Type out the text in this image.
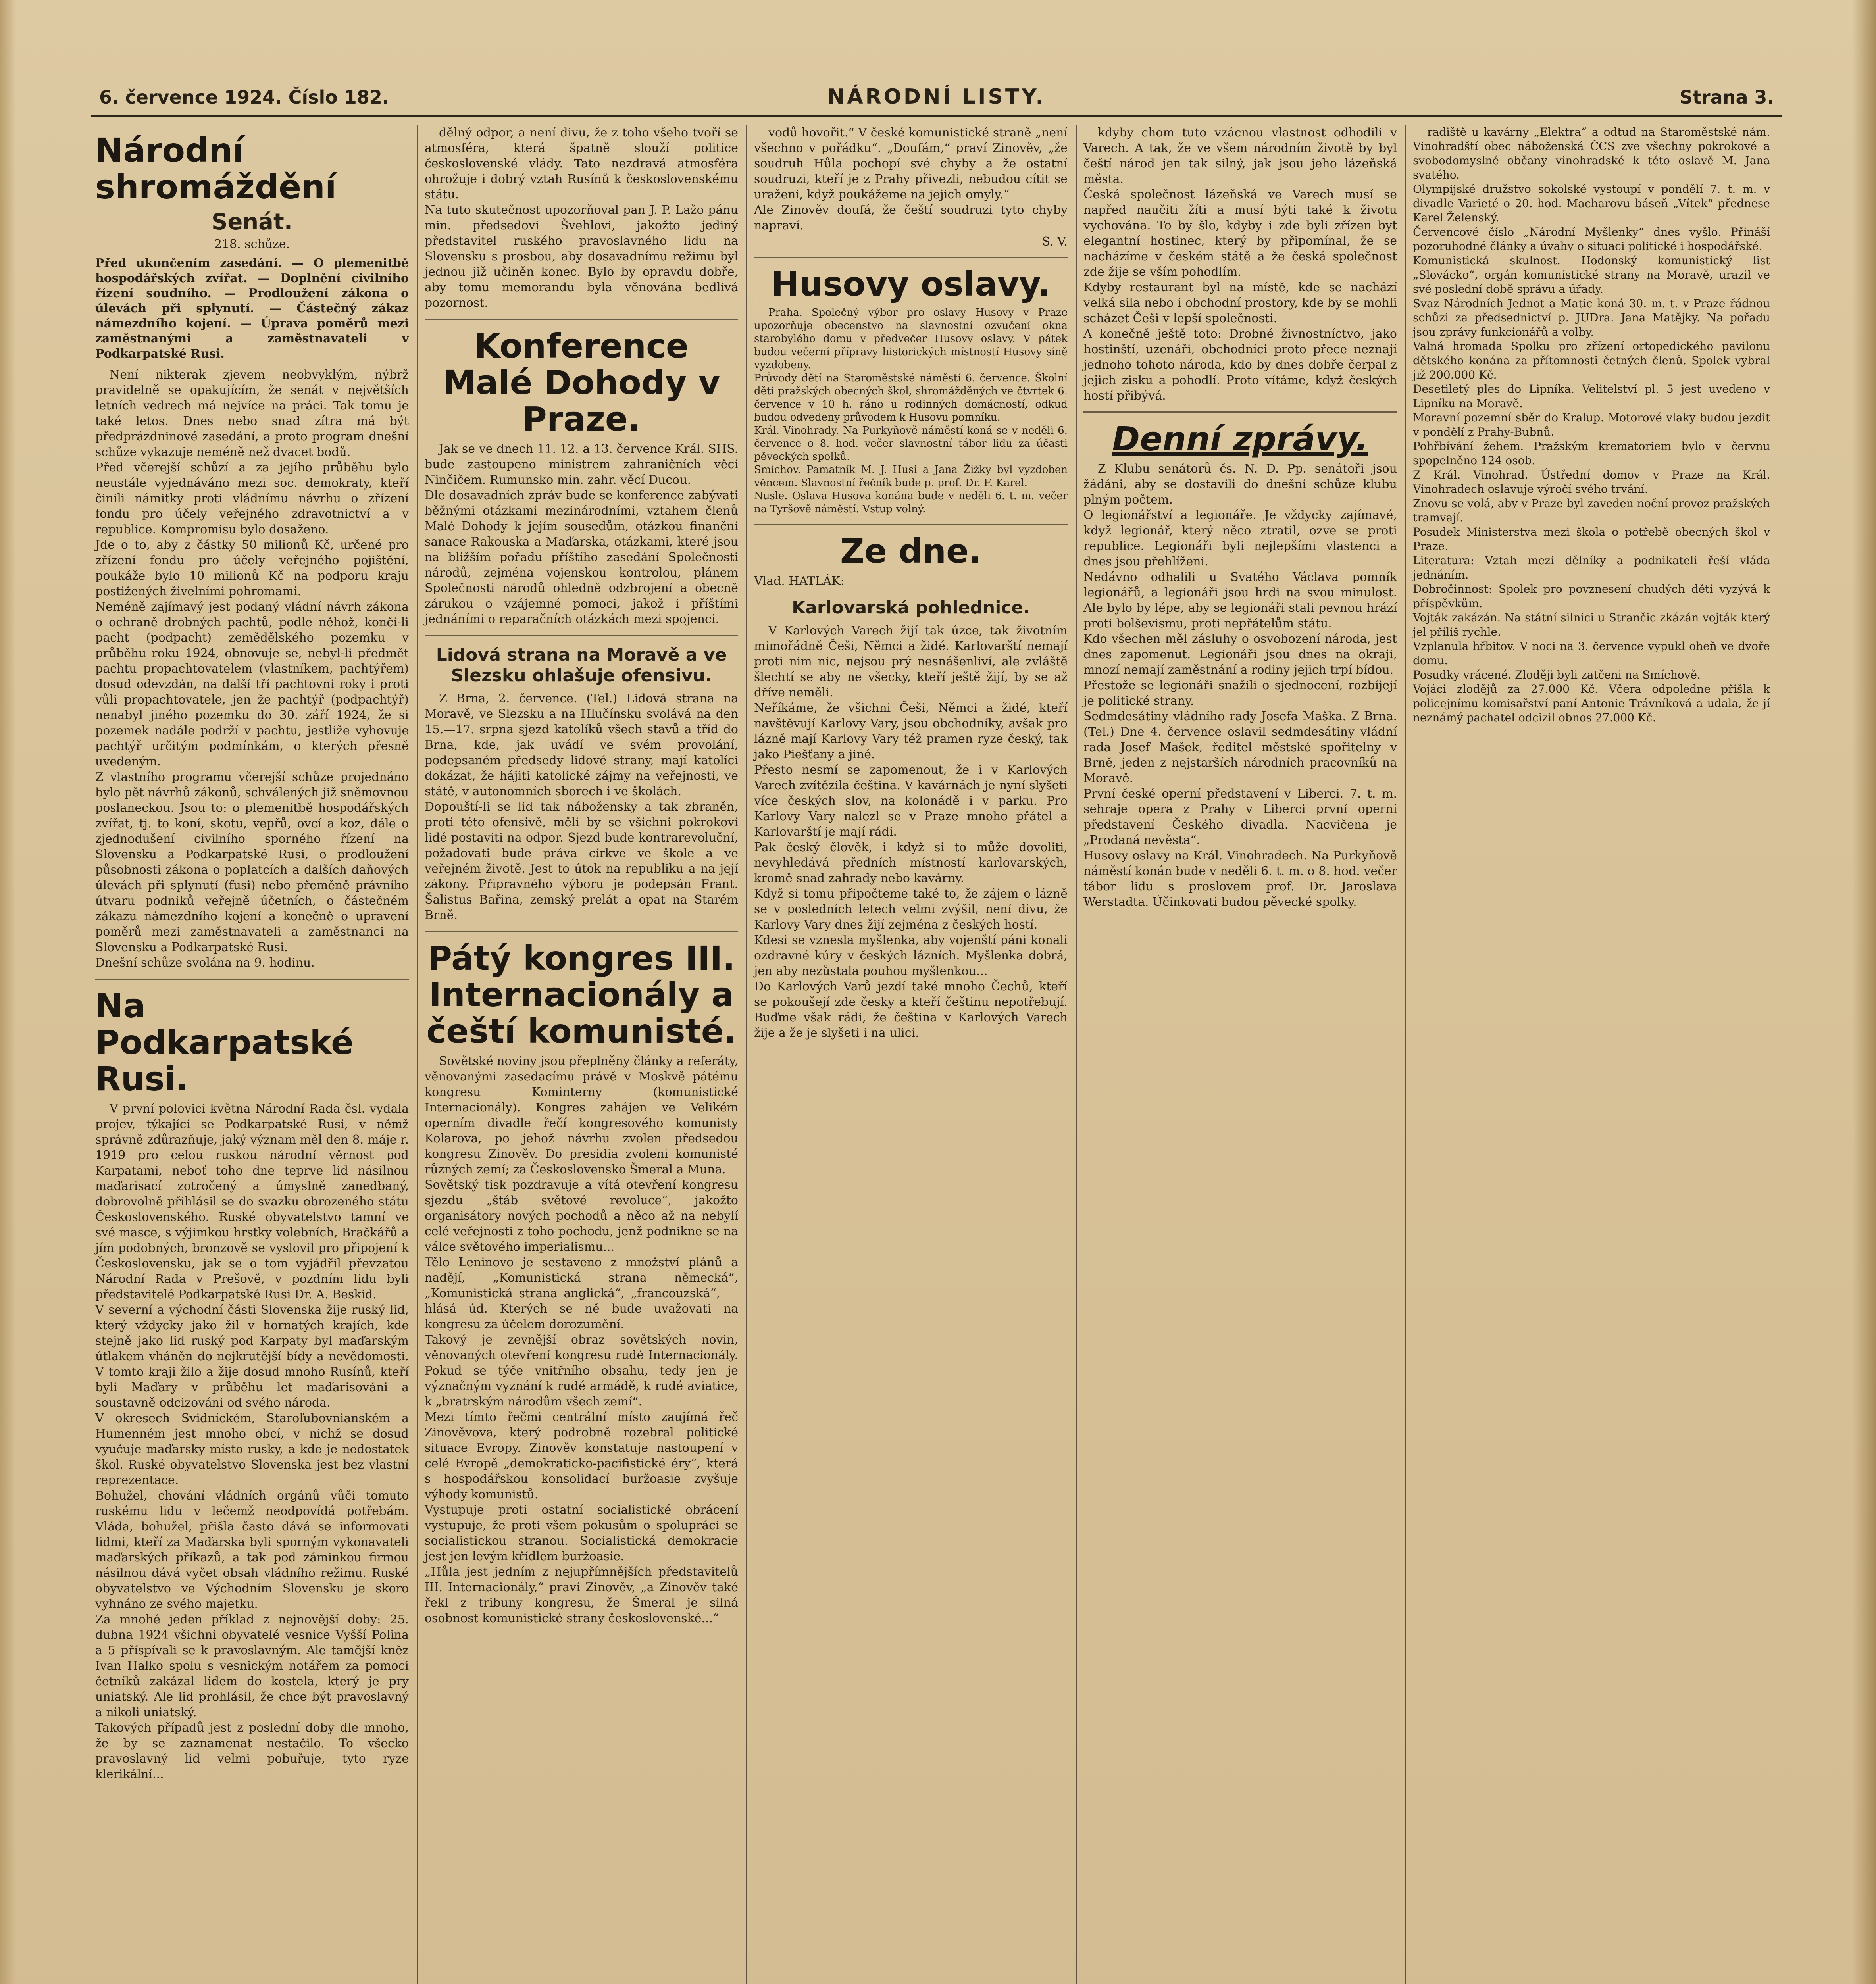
6. července 1924. Číslo 182.	NÁRODNÍ LISTY.	Strana 3.
Národní shromáždění
Senát.
218. schůze.
Před ukončením zasedání. — O plemenitbě hospodářských zvířat. — Doplnění civilního řízení soudního. — Prodloužení zákona o úlevách při splynutí. — Částečný zákaz námezdního kojení. — Úprava poměrů mezi zaměstnanými a zaměstnavateli v Podkarpatské Rusi.
Není nikterak zjevem neobvyklým, nýbrž pravidelně se opakujícím, že senát v největších letních vedrech má nejvíce na práci. Tak tomu je také letos. Dnes nebo snad zítra má být předprázdninové zasedání, a proto program dnešní schůze vykazuje neméně než dvacet bodů.
Před včerejší schůzí a za jejího průběhu bylo neustále vyjednáváno mezi soc. demokraty, kteří činili námitky proti vládnímu návrhu o zřízení fondu pro účely veřejného zdravotnictví a v republice. Kompromisu bylo dosaženo.
Jde o to, aby z částky 50 milionů Kč, určené pro zřízení fondu pro účely veřejného pojištění, poukáže bylo 10 milionů Kč na podporu kraju postižených živelními pohromami.
Neméně zajímavý jest podaný vládní návrh zákona o ochraně drobných pachtů, podle něhož, končí-li pacht (podpacht) zemědělského pozemku v průběhu roku 1924, obnovuje se, nebyl-li předmět pachtu propachtovatelem (vlastníkem, pachtýřem) dosud odevzdán, na další tří pachtovní roky i proti vůli propachtovatele, jen že pachtýř (podpachtýř) nenabyl jiného pozemku do 30. září 1924, že si pozemek nadále podrží v pachtu, jestliže vyhovuje pachtýř určitým podmínkám, o kterých přesně uvedeným.
Z vlastního programu včerejší schůze projednáno bylo pět návrhů zákonů, schválených již sněmovnou poslaneckou. Jsou to: o plemenitbě hospodářských zvířat, tj. to koní, skotu, vepřů, ovcí a koz, dále o zjednodušení civilního sporného řízení na Slovensku a Podkarpatské Rusi, o prodloužení působnosti zákona o poplatcích a dalších daňových úlevách při splynutí (fusi) nebo přeměně právního útvaru podniků veřejně účetních, o částečném zákazu námezdního kojení a konečně o upravení poměrů mezi zaměstnavateli a zaměstnanci na Slovensku a Podkarpatské Rusi.
Dnešní schůze svolána na 9. hodinu.
Na Podkarpatské Rusi.
V první polovici května Národní Rada čsl. vydala projev, týkající se Podkarpatské Rusi, v němž správně zdůrazňuje, jaký význam měl den 8. máje r. 1919 pro celou ruskou národní věrnost pod Karpatami, neboť toho dne teprve lid násilnou maďarisací zotročený a úmyslně zanedbaný, dobrovolně přihlásil se do svazku obrozeného státu Československého. Ruské obyvatelstvo tamní ve své masce, s výjimkou hrstky volebních, Bračkářů a jím podobných, bronzově se vyslovil pro připojení k Československu, jak se o tom vyjádřil převzatou Národní Rada v Prešově, v pozdním lidu byli představitelé Podkarpatské Rusi Dr. A. Beskid.
V severní a východní části Slovenska žije ruský lid, který vždycky jako žil v hornatých krajích, kde stejně jako lid ruský pod Karpaty byl maďarským útlakem vháněn do nejkrutější bídy a nevědomosti. V tomto kraji žilo a žije dosud mnoho Rusínů, kteří byli Maďary v průběhu let maďarisováni a soustavně odcizováni od svého národa.
V okresech Svidníckém, Staroľubovnianském a Humenném jest mnoho obcí, v nichž se dosud vyučuje maďarsky místo rusky, a kde je nedostatek škol. Ruské obyvatelstvo Slovenska jest bez vlastní reprezentace.
Bohužel, chování vládních orgánů vůči tomuto ruskému lidu v lečemž neodpovídá potřebám. Vláda, bohužel, přišla často dává se informovati lidmi, kteří za Maďarska byli sporným vykonavateli maďarských příkazů, a tak pod záminkou firmou násilnou dává vyčet obsah vládního režimu. Ruské obyvatelstvo ve Východním Slovensku je skoro vyhnáno ze svého majetku.
Za mnohé jeden příklad z nejnovější doby: 25. dubna 1924 všichni obyvatelé vesnice Vyšší Polina a 5 příspívali se k pravoslavným. Ale tamější kněz Ivan Halko spolu s vesnickým notářem za pomoci četníků zakázal lidem do kostela, který je pry uniatský. Ale lid prohlásil, že chce být pravoslavný a nikoli uniatský.
Takových případů jest z poslední doby dle mnoho, že by se zaznamenat nestačilo. To všecko pravoslavný lid velmi pobuřuje, tyto ryze klerikální...
dělný odpor, a není divu, že z toho všeho tvoří se atmosféra, která špatně slouží politice československé vlády. Tato nezdravá atmosféra ohrožuje i dobrý vztah Rusínů k československému státu.
Na tuto skutečnost upozorňoval pan J. P. Lažo pánu min. předsedovi Švehlovi, jakožto jediný představitel ruského pravoslavného lidu na Slovensku s prosbou, aby dosavadnímu režimu byl jednou již učiněn konec. Bylo by opravdu dobře, aby tomu memorandu byla věnována bedlivá pozornost.
Konference Malé Dohody v Praze.
Jak se ve dnech 11. 12. a 13. července Král. SHS. bude zastoupeno ministrem zahraničních věcí Ninčičem. Rumunsko min. zahr. věcí Ducou.
Dle dosavadních zpráv bude se konference zabývati běžnými otázkami mezinárodními, vztahem členů Malé Dohody k jejím sousedům, otázkou finanční sanace Rakouska a Maďarska, otázkami, které jsou na bližším pořadu příštího zasedání Společnosti národů, zejména vojenskou kontrolou, plánem Společnosti národů ohledně odzbrojení a obecně zárukou o vzájemné pomoci, jakož i příštími jednáními o reparačních otázkách mezi spojenci.
Lidová strana na Moravě a ve Slezsku ohlašuje ofensivu.
Z Brna, 2. července. (Tel.) Lidová strana na Moravě, ve Slezsku a na Hlučínsku svolává na den 15.—17. srpna sjezd katolíků všech stavů a tříd do Brna, kde, jak uvádí ve svém provolání, podepsaném předsedy lidové strany, mají katolíci dokázat, že hájiti katolické zájmy na veřejnosti, ve státě, v autonomních sborech i ve školách.
Dopouští-li se lid tak nábožensky a tak zbraněn, proti této ofensivě, měli by se všichni pokrokoví lidé postaviti na odpor. Sjezd bude kontrarevoluční, požadovati bude práva církve ve škole a ve veřejném životě. Jest to útok na republiku a na její zákony. Připravného výboru je podepsán Frant. Šalistus Bařina, zemský prelát a opat na Starém Brně.
Pátý kongres III. Internacionály a čeští komunisté.
Sovětské noviny jsou přeplněny články a referáty, věnovanými zasedacímu právě v Moskvě pátému kongresu Kominterny (komunistické Internacionály). Kongres zahájen ve Velikém operním divadle řečí kongresového komunisty Kolarova, po jehož návrhu zvolen předsedou kongresu Zinověv. Do presidia zvoleni komunisté různých zemí; za Československo Šmeral a Muna.
Sovětský tisk pozdravuje a vítá otevření kongresu sjezdu „štáb světové revoluce“, jakožto organisátory nových pochodů a něco až na nebylí celé veřejnosti z toho pochodu, jenž podnikne se na válce světového imperialismu...
Tělo Leninovo je sestaveno z množství plánů a nadějí, „Komunistická strana německá“, „Komunistická strana anglická“, „francouzská“, — hlásá úd. Kterých se ně bude uvažovati na kongresu za účelem dorozumění.
Takový je zevnější obraz sovětských novin, věnovaných otevření kongresu rudé Internacionály. Pokud se týče vnitřního obsahu, tedy jen je význačným vyznání k rudé armádě, k rudé aviatice, k „bratrským národům všech zemí“.
Mezi tímto řečmi centrální místo zaujímá řeč Zinověvova, který podrobně rozebral politické situace Evropy. Zinověv konstatuje nastoupení v celé Evropě „demokraticko-pacifistické éry“, která s hospodářskou konsolidací buržoasie zvyšuje výhody komunistů.
Vystupuje proti ostatní socialistické obrácení vystupuje, že proti všem pokusům o spolupráci se socialistickou stranou. Socialistická demokracie jest jen levým křídlem buržoasie.
„Hůla jest jedním z nejupřímnějších představitelů III. Internacionály,“ praví Zinověv, „a Zinověv také řekl z tribuny kongresu, že Šmeral je silná osobnost komunistické strany československé...“
vodů hovořit.“ V české komunistické straně „není všechno v pořádku“. „Doufám,“ praví Zinověv, „že soudruh Hůla pochopí své chyby a že ostatní soudruzi, kteří je z Prahy přivezli, nebudou cítit se uraženi, když poukážeme na jejich omyly.“
Ale Zinověv doufá, že čeští soudruzi tyto chyby napraví.
S. V.
Husovy oslavy.
Praha. Společný výbor pro oslavy Husovy v Praze upozorňuje obecenstvo na slavnostní ozvučení okna starobylého domu v předvečer Husovy oslavy. V pátek budou večerní přípravy historických místností Husovy síně vyzdobeny.
Průvody dětí na Staroměstské náměstí 6. července. Školní děti pražských obecných škol, shromážděných ve čtvrtek 6. července v 10 h. ráno u rodinných domácností, odkud budou odvedeny průvodem k Husovu pomníku.
Král. Vinohrady. Na Purkyňově náměstí koná se v neděli 6. července o 8. hod. večer slavnostní tábor lidu za účasti pěveckých spolků.
Smíchov. Pamatník M. J. Husi a Jana Žižky byl vyzdoben věncem. Slavnostní řečník bude p. prof. Dr. F. Karel.
Nusle. Oslava Husova konána bude v neděli 6. t. m. večer na Tyršově náměstí. Vstup volný.
Ze dne.
Vlad. HATLÁK:
Karlovarská pohlednice.
V Karlových Varech žijí tak úzce, tak životním mimořádně Češi, Němci a židé. Karlovarští nemají proti nim nic, nejsou prý nesnášenliví, ale zvláště šlechtí se aby ne všecky, kteří ještě žijí, by se až dříve neměli.
Neříkáme, že všichni Češi, Němci a židé, kteří navštěvují Karlovy Vary, jsou obchodníky, avšak pro lázně mají Karlovy Vary též pramen ryze český, tak jako Piešťany a jiné.
Přesto nesmí se zapomenout, že i v Karlových Varech zvítězila čeština. V kavárnách je nyní slyšeti více českých slov, na kolonádě i v parku. Pro Karlovy Vary nalezl se v Praze mnoho přátel a Karlovarští je mají rádi.
Pak český člověk, i když si to může dovoliti, nevyhledává předních místností karlovarských, kromě snad zahrady nebo kavárny.
Když si tomu připočteme také to, že zájem o lázně se v posledních letech velmi zvýšil, není divu, že Karlovy Vary dnes žijí zejména z českých hostí.
Kdesi se vznesla myšlenka, aby vojenští páni konali ozdravné kúry v českých lázních. Myšlenka dobrá, jen aby nezůstala pouhou myšlenkou...
Do Karlových Varů jezdí také mnoho Čechů, kteří se pokoušejí zde česky a kteří češtinu nepotřebují. Buďme však rádi, že čeština v Karlových Varech žije a že je slyšeti i na ulici.
kdyby chom tuto vzácnou vlastnost odhodili v Varech. A tak, že ve všem národním životě by byl čeští národ jen tak silný, jak jsou jeho lázeňská města.
Česká společnost lázeňská ve Varech musí se napřed naučiti žíti a musí býti také k životu vychována. To by šlo, kdyby i zde byli zřízen byt elegantní hostinec, který by připomínal, že se nacházíme v českém státě a že česká společnost zde žije se vším pohodlím.
Kdyby restaurant byl na místě, kde se nachází velká sila nebo i obchodní prostory, kde by se mohli scházet Češi v lepší společnosti.
A konečně ještě toto: Drobné živnostníctvo, jako hostinští, uzenáři, obchodníci proto přece neznají jednoho tohoto národa, kdo by dnes dobře čerpal z jejich zisku a pohodlí. Proto vítáme, když českých hostí přibývá.
Denní zprávy.
Z Klubu senátorů čs. N. D. Pp. senátoři jsou žádáni, aby se dostavili do dnešní schůze klubu plným počtem.
O legionářství a legionáře. Je vždycky zajímavé, když legionář, který něco ztratil, ozve se proti republice. Legionáři byli nejlepšími vlastenci a dnes jsou přehlíženi.
Nedávno odhalili u Svatého Václava pomník legionářů, a legionáři jsou hrdi na svou minulost. Ale bylo by lépe, aby se legionáři stali pevnou hrází proti bolševismu, proti nepřátelům státu.
Kdo všechen měl zásluhy o osvobození národa, jest dnes zapomenut. Legionáři jsou dnes na okraji, mnozí nemají zaměstnání a rodiny jejich trpí bídou.
Přestože se legionáři snažili o sjednocení, rozbíjejí je politické strany.
Sedmdesátiny vládního rady Josefa Maška. Z Brna. (Tel.) Dne 4. července oslavil sedmdesátiny vládní rada Josef Mašek, ředitel městské spořitelny v Brně, jeden z nejstarších národních pracovníků na Moravě.
První české operní představení v Liberci. 7. t. m. sehraje opera z Prahy v Liberci první operní představení Českého divadla. Nacvičena je „Prodaná nevěsta“.
Husovy oslavy na Král. Vinohradech. Na Purkyňově náměstí konán bude v neděli 6. t. m. o 8. hod. večer tábor lidu s proslovem prof. Dr. Jaroslava Werstadta. Účinkovati budou pěvecké spolky.
radiště u kavárny „Elektra“ a odtud na Staroměstské nám. Vinohradští obec náboženská ČCS zve všechny pokrokové a svobodomyslné občany vinohradské k této oslavě M. Jana svatého.
Olympijské družstvo sokolské vystoupí v pondělí 7. t. m. v divadle Varieté o 20. hod. Macharovu báseň „Vítek“ přednese Karel Želenský.
Červencové číslo „Národní Myšlenky“ dnes vyšlo. Přináší pozoruhodné články a úvahy o situaci politické i hospodářské.
Komunistická skulnost. Hodonský komunistický list „Slovácko“, orgán komunistické strany na Moravě, urazil ve své poslední době správu a úřady.
Svaz Národních Jednot a Matic koná 30. m. t. v Praze řádnou schůzi za předsednictví p. JUDra. Jana Matějky. Na pořadu jsou zprávy funkcionářů a volby.
Valná hromada Spolku pro zřízení ortopedického pavilonu dětského konána za přítomnosti četných členů. Spolek vybral již 200.000 Kč.
Desetiletý ples do Lipníka. Velitelství pl. 5 jest uvedeno v Lipníku na Moravě.
Moravní pozemní sběr do Kralup. Motorové vlaky budou jezdit v pondělí z Prahy-Bubnů.
Pohřbívání žehem. Pražským krematoriem bylo v červnu spopelněno 124 osob.
Z Král. Vinohrad. Ústřední domov v Praze na Král. Vinohradech oslavuje výročí svého trvání.
Znovu se volá, aby v Praze byl zaveden noční provoz pražských tramvají.
Posudek Ministerstva mezi škola o potřebě obecných škol v Praze.
Literatura: Vztah mezi dělníky a podnikateli řeší vláda jednáním.
Dobročinnost: Spolek pro povznesení chudých dětí vyzývá k příspěvkům.
Vojták zakázán. Na státní silnici u Strančic zkázán vojták který jel příliš rychle.
Vzplanula hřbitov. V noci na 3. července vypukl oheň ve dvoře domu.
Posudky vrácené. Zloději byli zatčeni na Smíchově.
Vojáci zlodějů za 27.000 Kč. Včera odpoledne přišla k policejnímu komisařství paní Antonie Trávníková a udala, že jí neznámý pachatel odcizil obnos 27.000 Kč.
